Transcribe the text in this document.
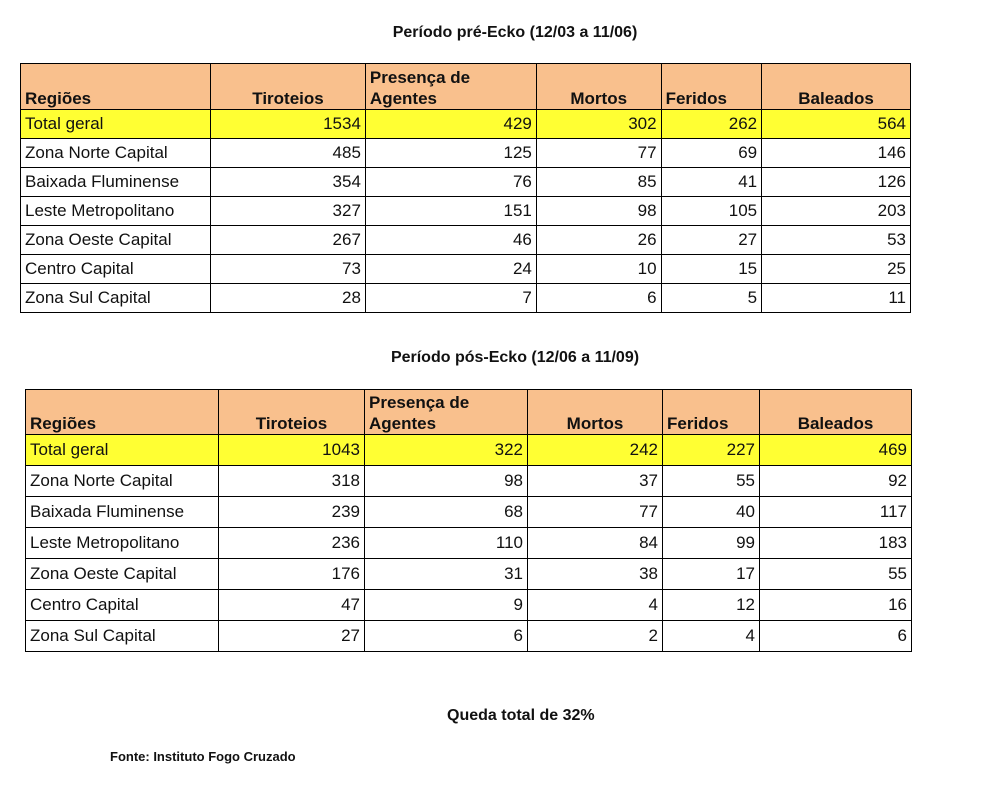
Período pré-Ecko (12/03 a 11/06)
Regiões	Tiroteios	Presença de Agentes	Mortos	Feridos	Baleados
Total geral	1534	429	302	262	564
Zona Norte Capital	485	125	77	69	146
Baixada Fluminense	354	76	85	41	126
Leste Metropolitano	327	151	98	105	203
Zona Oeste Capital	267	46	26	27	53
Centro Capital	73	24	10	15	25
Zona Sul Capital	28	7	6	5	11
Período pós-Ecko (12/06 a 11/09)
Regiões	Tiroteios	Presença de Agentes	Mortos	Feridos	Baleados
Total geral	1043	322	242	227	469
Zona Norte Capital	318	98	37	55	92
Baixada Fluminense	239	68	77	40	117
Leste Metropolitano	236	110	84	99	183
Zona Oeste Capital	176	31	38	17	55
Centro Capital	47	9	4	12	16
Zona Sul Capital	27	6	2	4	6
Queda total de 32%
Fonte: Instituto Fogo Cruzado
